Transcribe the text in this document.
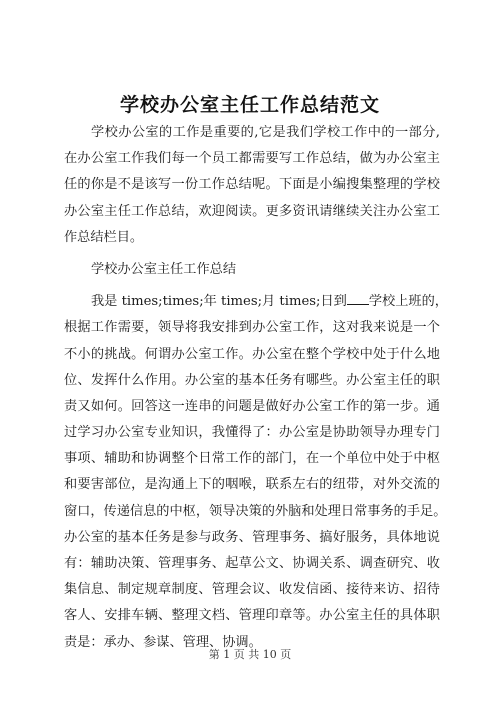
学校办公室主任工作总结范文
学校办公室的工作是重要的,它是我们学校工作中的一部分,
在办公室工作我们每一个员工都需要写工作总结，做为办公室主
任的你是不是该写一份工作总结呢。下面是小编搜集整理的学校
办公室主任工作总结，欢迎阅读。更多资讯请继续关注办公室工
作总结栏目。
学校办公室主任工作总结
我是 times;times;年 times;月 times;日到 学校上班的，
根据工作需要，领导将我安排到办公室工作，这对我来说是一个
不小的挑战。何谓办公室工作。办公室在整个学校中处于什么地
位、发挥什么作用。办公室的基本任务有哪些。办公室主任的职
责又如何。回答这一连串的问题是做好办公室工作的第一步。通
过学习办公室专业知识，我懂得了：办公室是协助领导办理专门
事项、辅助和协调整个日常工作的部门，在一个单位中处于中枢
和要害部位，是沟通上下的咽喉，联系左右的纽带，对外交流的
窗口，传递信息的中枢，领导决策的外脑和处理日常事务的手足。
办公室的基本任务是参与政务、管理事务、搞好服务，具体地说
有：辅助决策、管理事务、起草公文、协调关系、调查研究、收
集信息、制定规章制度、管理会议、收发信函、接待来访、招待
客人、安排车辆、整理文档、管理印章等。办公室主任的具体职
责是：承办、参谋、管理、协调。
第 1 页 共 10 页
